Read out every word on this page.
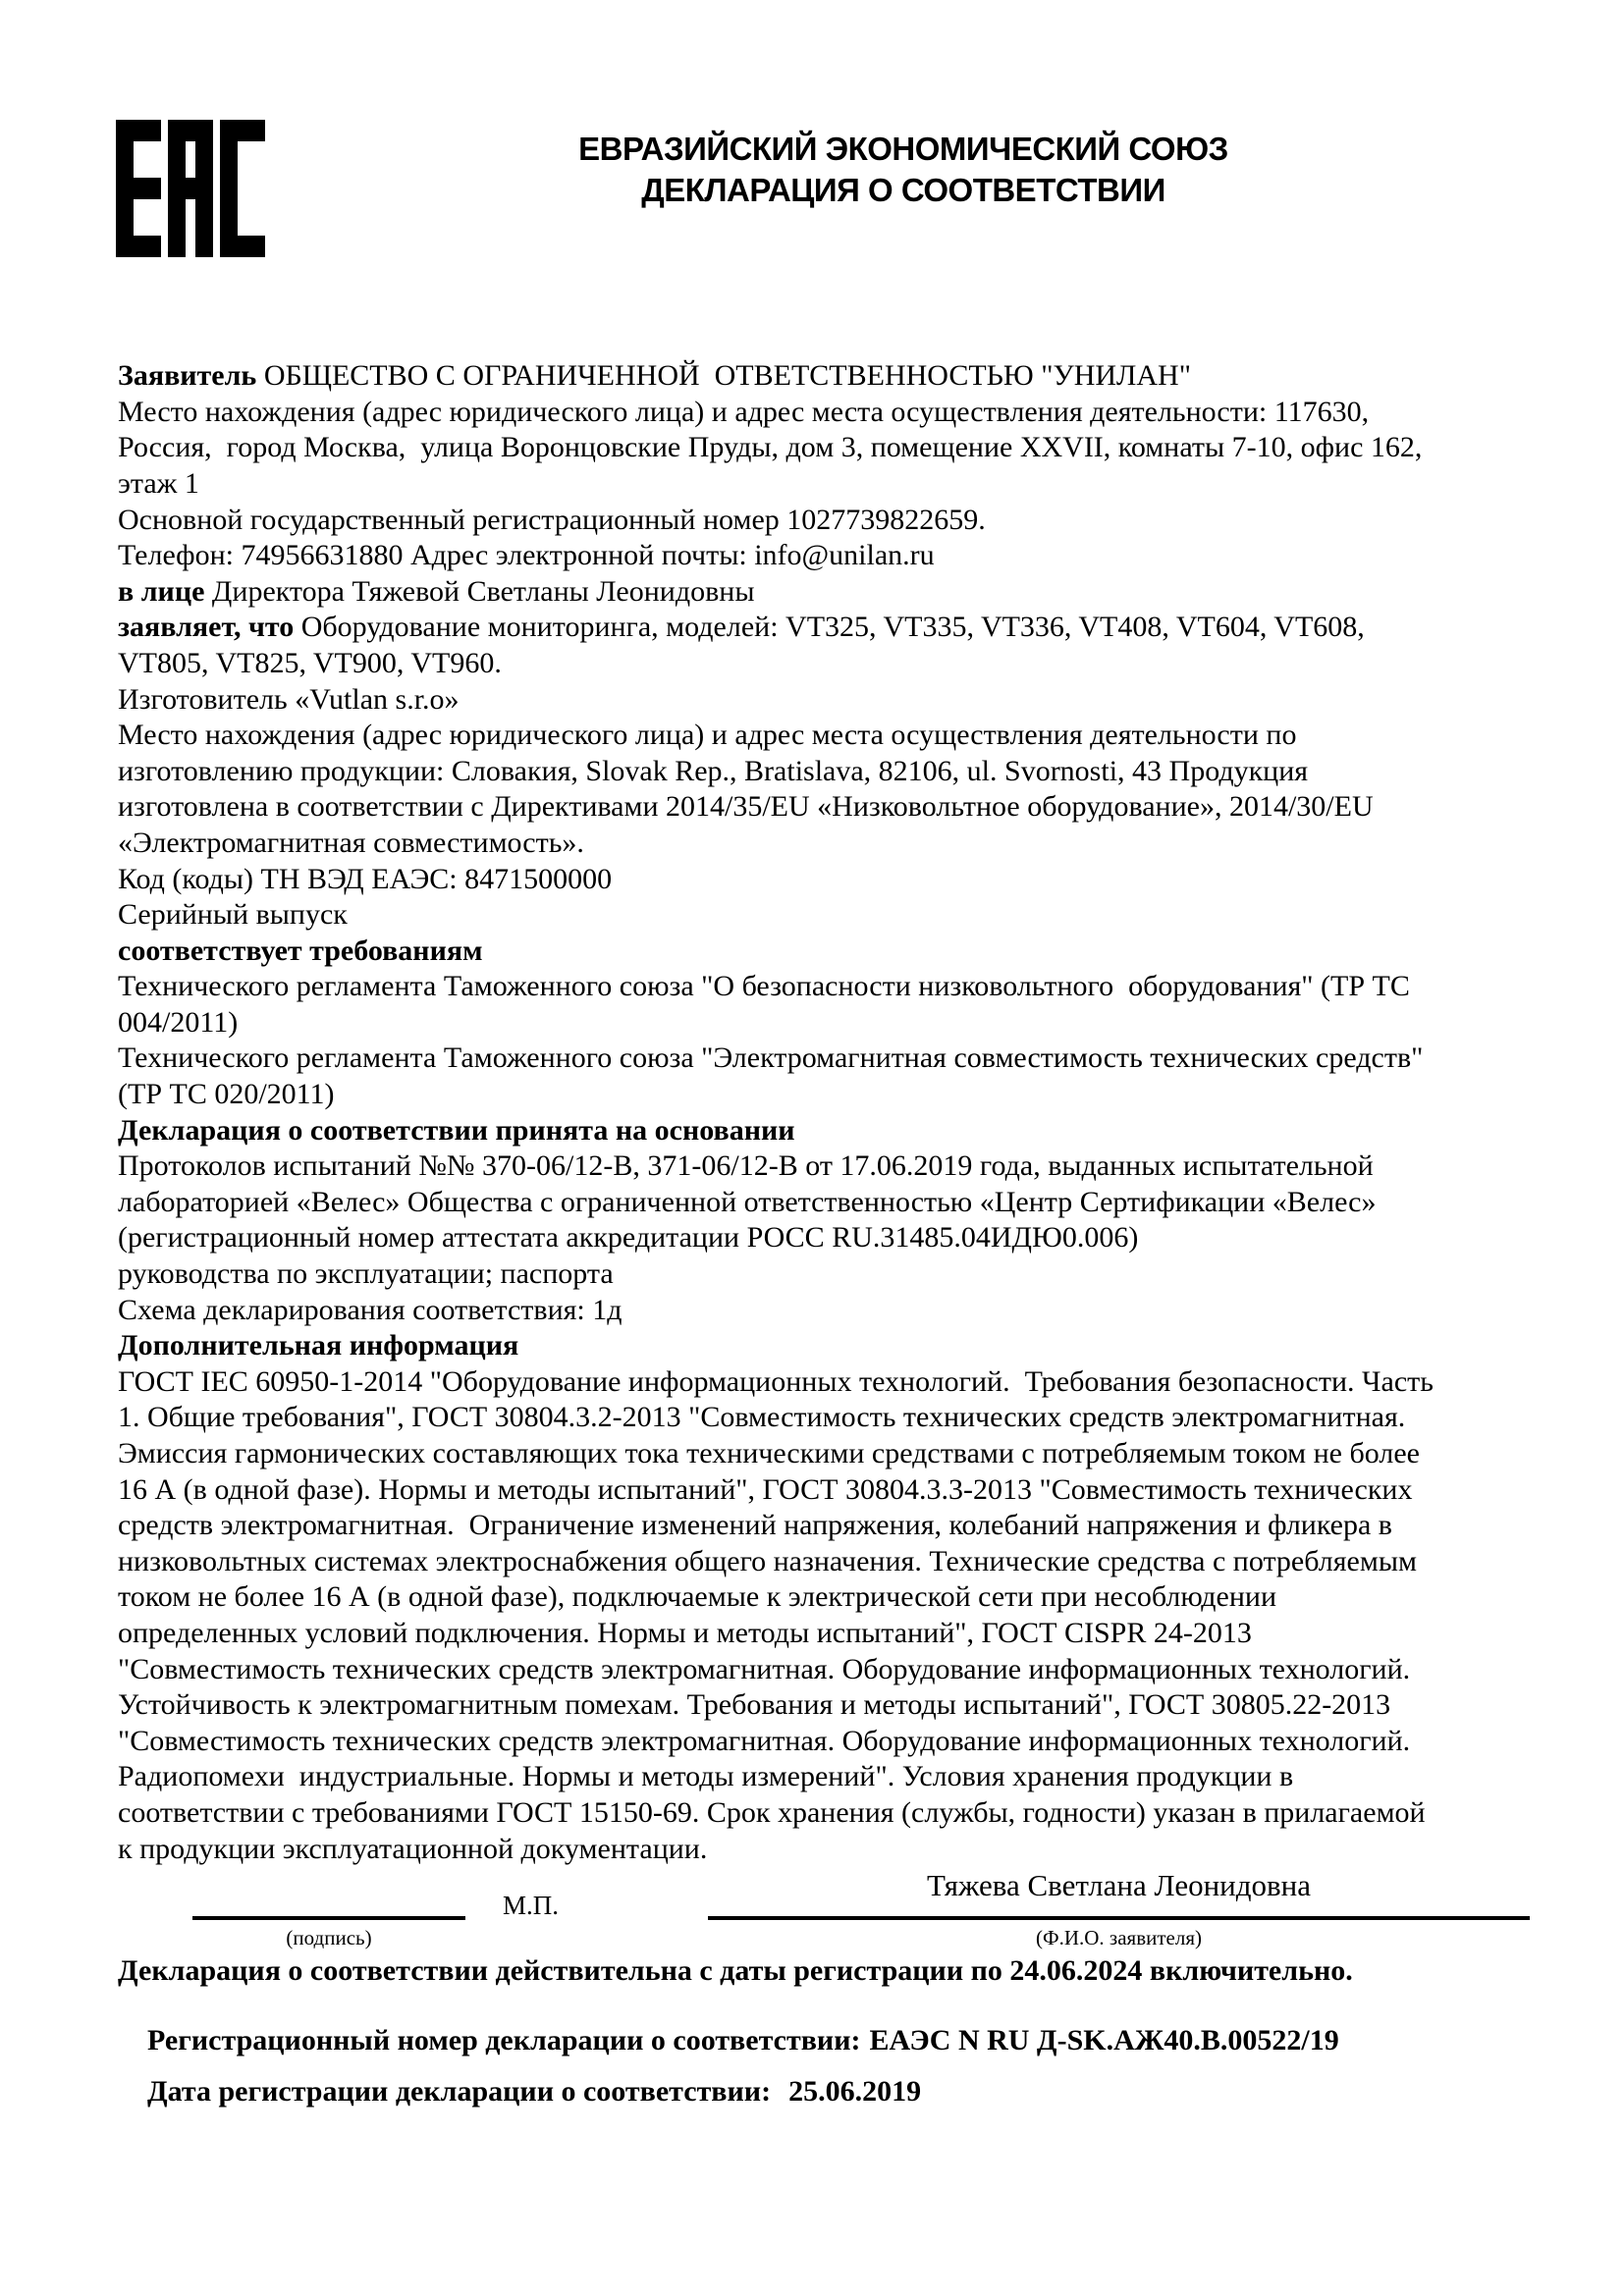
ЕВРАЗИЙСКИЙ ЭКОНОМИЧЕСКИЙ СОЮЗ
ДЕКЛАРАЦИЯ О СООТВЕТСТВИИ

Заявитель ОБЩЕСТВО С ОГРАНИЧЕННОЙ  ОТВЕТСТВЕННОСТЬЮ "УНИЛАН"
Место нахождения (адрес юридического лица) и адрес места осуществления деятельности: 117630,
Россия,  город Москва,  улица Воронцовские Пруды, дом 3, помещение XXVII, комнаты 7-10, офис 162,
этаж 1
Основной государственный регистрационный номер 1027739822659.
Телефон: 74956631880 Адрес электронной почты: info@unilan.ru
в лице Директора Тяжевой Светланы Леонидовны
заявляет, что Оборудование мониторинга, моделей: VT325, VT335, VT336, VT408, VT604, VT608,
VT805, VT825, VT900, VT960.
Изготовитель «Vutlan s.r.o»
Место нахождения (адрес юридического лица) и адрес места осуществления деятельности по
изготовлению продукции: Словакия, Slovak Rep., Bratislava, 82106, ul. Svornosti, 43 Продукция
изготовлена в соответствии с Директивами 2014/35/EU «Низковольтное оборудование», 2014/30/EU
«Электромагнитная совместимость».
Код (коды) ТН ВЭД ЕАЭС: 8471500000
Серийный выпуск
соответствует требованиям
Технического регламента Таможенного союза "О безопасности низковольтного  оборудования" (ТР ТС
004/2011)
Технического регламента Таможенного союза "Электромагнитная совместимость технических средств"
(ТР ТС 020/2011)
Декларация о соответствии принята на основании
Протоколов испытаний №№ 370-06/12-В, 371-06/12-В от 17.06.2019 года, выданных испытательной
лабораторией «Велес» Общества с ограниченной ответственностью «Центр Сертификации «Велес»
(регистрационный номер аттестата аккредитации РОСС RU.31485.04ИДЮ0.006)
руководства по эксплуатации; паспорта
Схема декларирования соответствия: 1д
Дополнительная информация
ГОСТ IEC 60950-1-2014 "Оборудование информационных технологий.  Требования безопасности. Часть
1. Общие требования", ГОСТ 30804.3.2-2013 "Совместимость технических средств электромагнитная.
Эмиссия гармонических составляющих тока техническими средствами с потребляемым током не более
16 А (в одной фазе). Нормы и методы испытаний", ГОСТ 30804.3.3-2013 "Совместимость технических
средств электромагнитная.  Ограничение изменений напряжения, колебаний напряжения и фликера в
низковольтных системах электроснабжения общего назначения. Технические средства с потребляемым
током не более 16 А (в одной фазе), подключаемые к электрической сети при несоблюдении
определенных условий подключения. Нормы и методы испытаний", ГОСТ CISPR 24-2013
"Совместимость технических средств электромагнитная. Оборудование информационных технологий.
Устойчивость к электромагнитным помехам. Требования и методы испытаний", ГОСТ 30805.22-2013
"Совместимость технических средств электромагнитная. Оборудование информационных технологий.
Радиопомехи  индустриальные. Нормы и методы измерений". Условия хранения продукции в
соответствии с требованиями ГОСТ 15150-69. Срок хранения (службы, годности) указан в прилагаемой
к продукции эксплуатационной документации.

Декларация о соответствии действительна с даты регистрации по 24.06.2024 включительно.

Тяжева Светлана Леонидовна
М.П.
(подпись)	(Ф.И.О. заявителя)

Регистрационный номер декларации о соответствии: ЕАЭС N RU Д-SK.АЖ40.В.00522/19

Дата регистрации декларации о соответствии: 25.06.2019
